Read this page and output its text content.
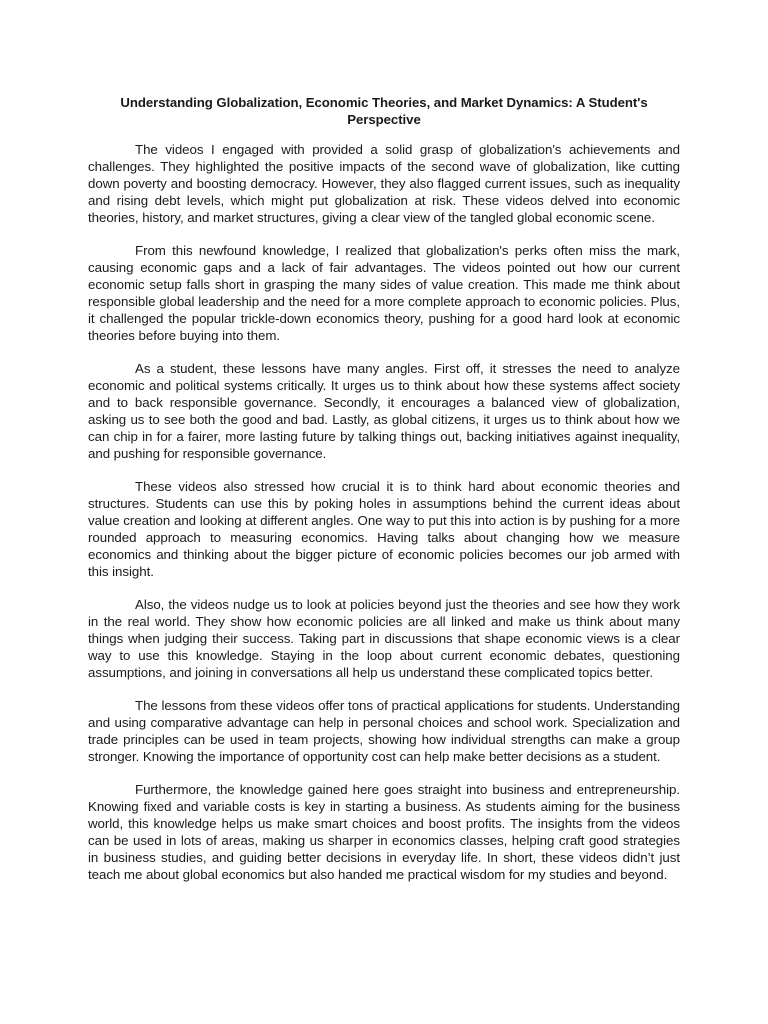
Understanding Globalization, Economic Theories, and Market Dynamics: A Student's Perspective

The videos I engaged with provided a solid grasp of globalization's achievements and challenges. They highlighted the positive impacts of the second wave of globalization, like cutting down poverty and boosting democracy. However, they also flagged current issues, such as inequality and rising debt levels, which might put globalization at risk. These videos delved into economic theories, history, and market structures, giving a clear view of the tangled global economic scene.

From this newfound knowledge, I realized that globalization's perks often miss the mark, causing economic gaps and a lack of fair advantages. The videos pointed out how our current economic setup falls short in grasping the many sides of value creation. This made me think about responsible global leadership and the need for a more complete approach to economic policies. Plus, it challenged the popular trickle-down economics theory, pushing for a good hard look at economic theories before buying into them.

As a student, these lessons have many angles. First off, it stresses the need to analyze economic and political systems critically. It urges us to think about how these systems affect society and to back responsible governance. Secondly, it encourages a balanced view of globalization, asking us to see both the good and bad. Lastly, as global citizens, it urges us to think about how we can chip in for a fairer, more lasting future by talking things out, backing initiatives against inequality, and pushing for responsible governance.

These videos also stressed how crucial it is to think hard about economic theories and structures. Students can use this by poking holes in assumptions behind the current ideas about value creation and looking at different angles. One way to put this into action is by pushing for a more rounded approach to measuring economics. Having talks about changing how we measure economics and thinking about the bigger picture of economic policies becomes our job armed with this insight.

Also, the videos nudge us to look at policies beyond just the theories and see how they work in the real world. They show how economic policies are all linked and make us think about many things when judging their success. Taking part in discussions that shape economic views is a clear way to use this knowledge. Staying in the loop about current economic debates, questioning assumptions, and joining in conversations all help us understand these complicated topics better.

The lessons from these videos offer tons of practical applications for students. Understanding and using comparative advantage can help in personal choices and school work. Specialization and trade principles can be used in team projects, showing how individual strengths can make a group stronger. Knowing the importance of opportunity cost can help make better decisions as a student.

Furthermore, the knowledge gained here goes straight into business and entrepreneurship. Knowing fixed and variable costs is key in starting a business. As students aiming for the business world, this knowledge helps us make smart choices and boost profits. The insights from the videos can be used in lots of areas, making us sharper in economics classes, helping craft good strategies in business studies, and guiding better decisions in everyday life. In short, these videos didn’t just teach me about global economics but also handed me practical wisdom for my studies and beyond.
